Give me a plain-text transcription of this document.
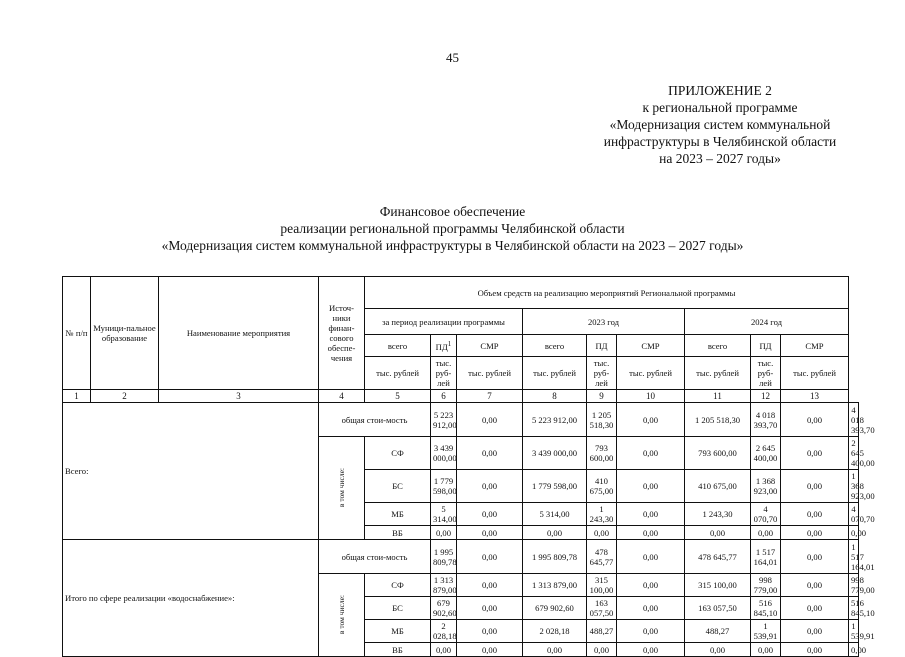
45
ПРИЛОЖЕНИЕ 2
к региональной программе
«Модернизация систем коммунальной
инфраструктуры в Челябинской области
на 2023 – 2027 годы»
Финансовое обеспечение
реализации региональной программы Челябинской области
«Модернизация систем коммунальной инфраструктуры в Челябинской области на 2023 – 2027 годы»
№ п/п	Муници-пальное образование	Наименование мероприятия	Источ-ники финан-сового обеспе-чения	Объем средств на реализацию мероприятий Региональной программы									
				за период реализации программы			2023 год			2024 год			
				всего	$ПД^1$	СМР	всего	ПД	СМР	всего	ПД	СМР	
				тыс. рублей	тыс. руб-лей	тыс. рублей	тыс. рублей	тыс. руб-лей	тыс. рублей	тыс. рублей	тыс. руб-лей	тыс. рублей	
1	2	3	4	5	6	7	8	9	10	11	12	13	
Всего:			общая стои-мость		5 223 912,00	0,00	5 223 912,00	1 205 518,30	0,00	1 205 518,30	4 018 393,70	0,00	4 018 393,70

			в том числе:	СФ	3 439 000,00	0,00	3 439 000,00	793 600,00	0,00	793 600,00	2 645 400,00	0,00	2 645 400,00
				БС	1 779 598,00	0,00	1 779 598,00	410 675,00	0,00	410 675,00	1 368 923,00	0,00	1 368 923,00
				МБ	5 314,00	0,00	5 314,00	1 243,30	0,00	1 243,30	4 070,70	0,00	4 070,70
				ВБ	0,00	0,00	0,00	0,00	0,00	0,00	0,00	0,00	0,00
Итого по сфере реализации «водоснабжение»:			общая стои-мость		1 995 809,78	0,00	1 995 809,78	478 645,77	0,00	478 645,77	1 517 164,01	0,00	1 517 164,01

			в том числе:	СФ	1 313 879,00	0,00	1 313 879,00	315 100,00	0,00	315 100,00	998 779,00	0,00	998 779,00
				БС	679 902,60	0,00	679 902,60	163 057,50	0,00	163 057,50	516 845,10	0,00	516 845,10
				МБ	2 028,18	0,00	2 028,18	488,27	0,00	488,27	1 539,91	0,00	1 539,91
				ВБ	0,00	0,00	0,00	0,00	0,00	0,00	0,00	0,00	0,00
